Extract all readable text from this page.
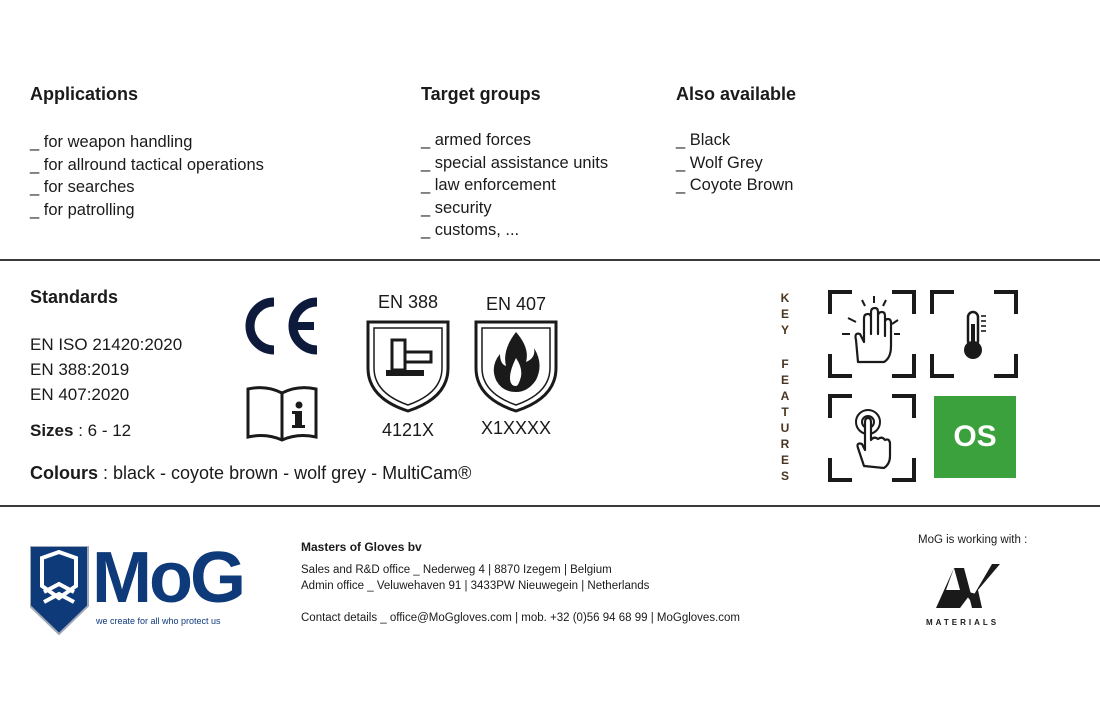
Applications
_ for weapon handling
_ for allround tactical operations
_ for searches
_ for patrolling
Target groups
_ armed forces
_ special assistance units
_ law enforcement
_ security
_ customs, ...
Also available
_ Black
_ Wolf Grey
_ Coyote Brown
Standards
EN ISO 21420:2020
EN 388:2019
EN 407:2020
Sizes : 6 - 12
Colours : black - coyote brown - wolf grey - MultiCam®
EN 388
4121X
EN 407
X1XXXX
K
E
Y
F
E
A
T
U
R
E
S
OS
MoG
we create for all who protect us
Masters of Gloves bv
Sales and R&D office _ Nederweg 4 | 8870 Izegem | Belgium
Admin office _ Veluwehaven 91 | 3433PW Nieuwegein | Netherlands
Contact details _ office@MoGgloves.com | mob. +32 (0)56 94 68 99 | MoGgloves.com
MoG is working with :
MATERIALS
